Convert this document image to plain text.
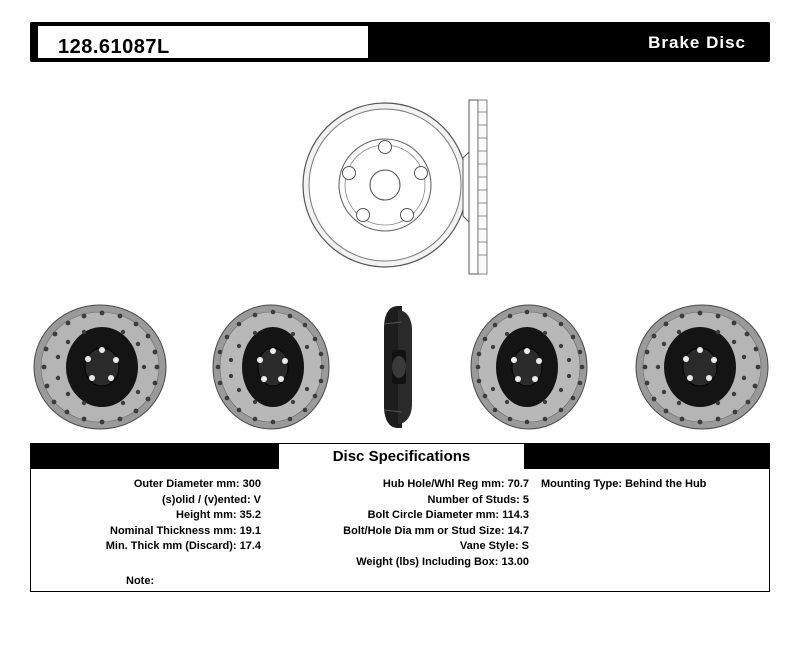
128.61087L	Brake Disc
Disc Specifications
Outer Diameter mm: 300
(s)olid / (v)ented: V
Height mm: 35.2
Nominal Thickness mm: 19.1
Min. Thick mm (Discard): 17.4
Hub Hole/Whl Reg mm: 70.7
Number of Studs: 5
Bolt Circle Diameter mm: 114.3
Bolt/Hole Dia mm or Stud Size: 14.7
Vane Style: S
Weight (lbs) Including Box: 13.00
Mounting Type: Behind the Hub
Note:
